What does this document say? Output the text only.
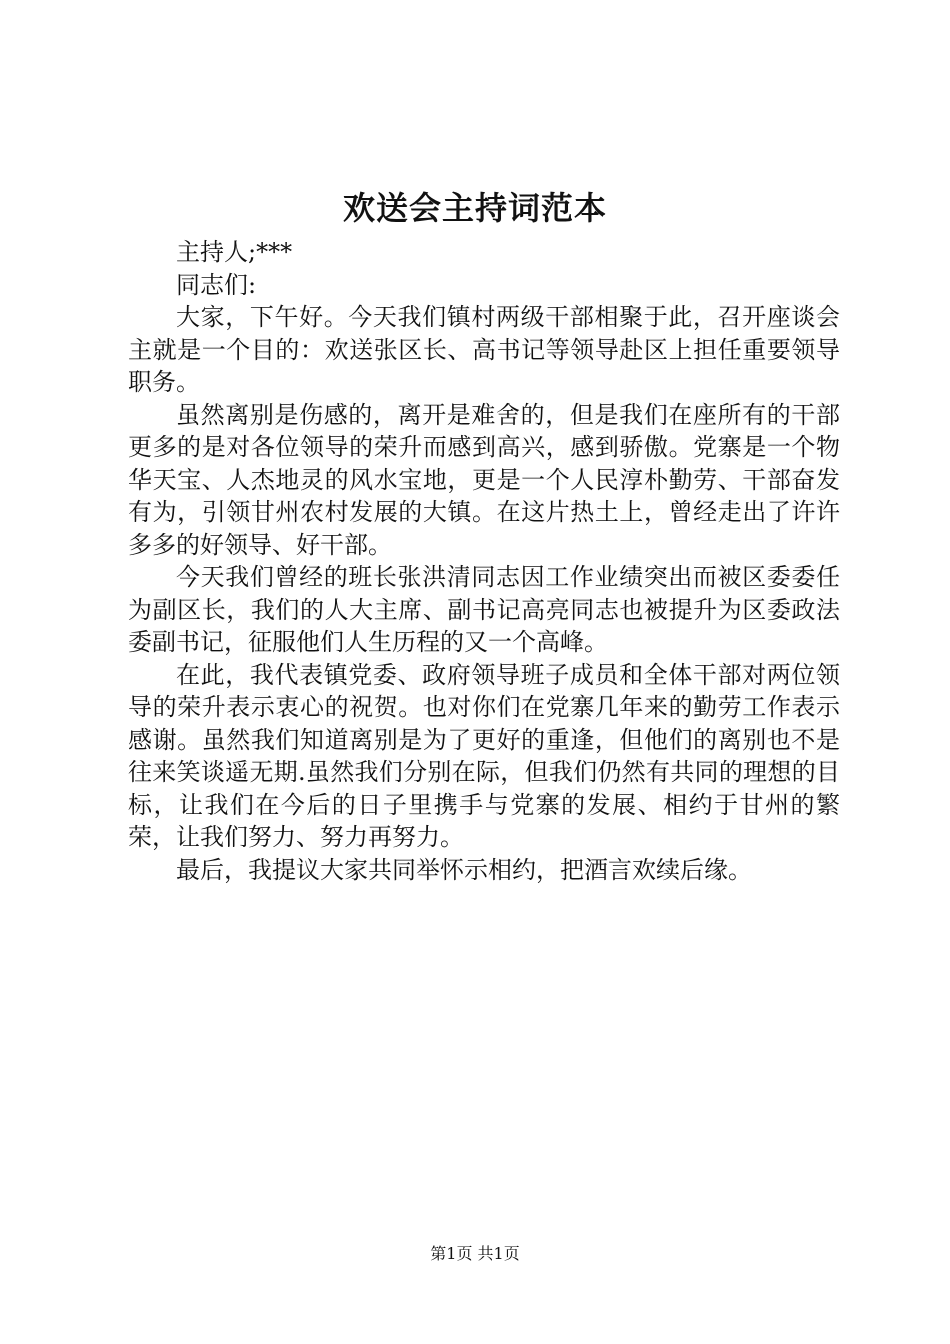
欢送会主持词范本

主持人;***

同志们:

大家，下午好。今天我们镇村两级干部相聚于此，召开座谈会主就是一个目的：欢送张区长、高书记等领导赴区上担任重要领导职务。

虽然离别是伤感的，离开是难舍的，但是我们在座所有的干部更多的是对各位领导的荣升而感到高兴，感到骄傲。党寨是一个物华天宝、人杰地灵的风水宝地，更是一个人民淳朴勤劳、干部奋发有为，引领甘州农村发展的大镇。在这片热土上，曾经走出了许许多多的好领导、好干部。

今天我们曾经的班长张洪清同志因工作业绩突出而被区委委任为副区长，我们的人大主席、副书记高亮同志也被提升为区委政法委副书记，征服他们人生历程的又一个高峰。

在此，我代表镇党委、政府领导班子成员和全体干部对两位领导的荣升表示衷心的祝贺。也对你们在党寨几年来的勤劳工作表示感谢。虽然我们知道离别是为了更好的重逢，但他们的离别也不是往来笑谈遥无期.虽然我们分别在际，但我们仍然有共同的理想的目标，让我们在今后的日子里携手与党寨的发展、相约于甘州的繁荣，让我们努力、努力再努力。

最后，我提议大家共同举怀示相约，把酒言欢续后缘。

第1页 共1页
